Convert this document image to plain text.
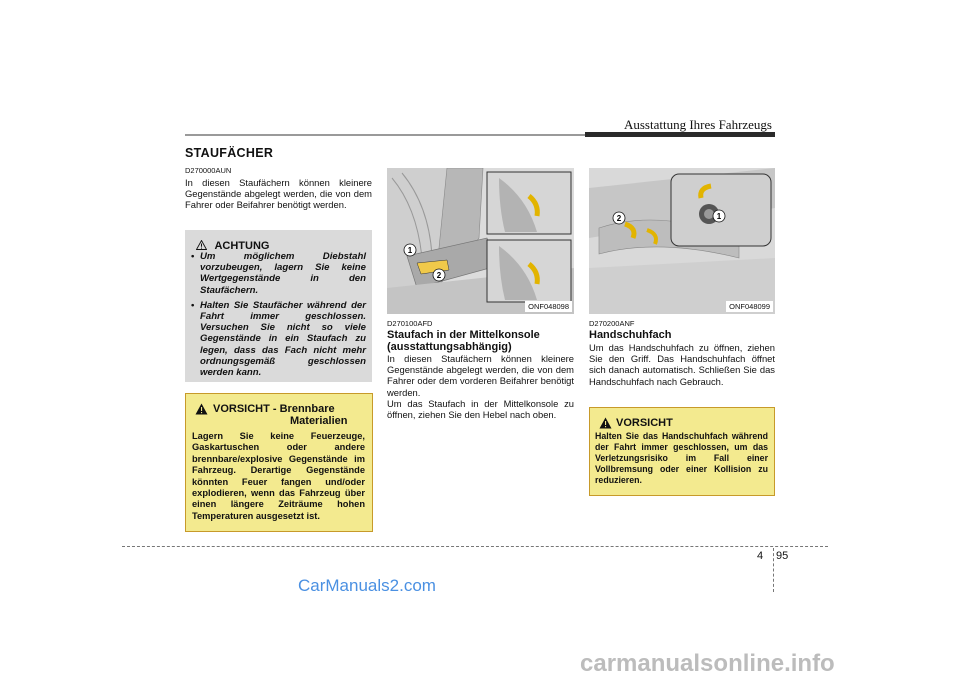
Ausstattung Ihres Fahrzeugs
STAUFÄCHER
D270000AUN
In diesen Staufächern können kleinere Gegenstände abgelegt werden, die von dem Fahrer oder Beifahrer benötigt werden.
ACHTUNG
• Um möglichem Diebstahl vorzubeugen, lagern Sie keine Wertgegenstände in den Staufächern.
• Halten Sie Staufächer während der Fahrt immer geschlossen. Versuchen Sie nicht so viele Gegenstände in ein Staufach zu legen, dass das Fach nicht mehr ordnungsgemäß geschlossen werden kann.
VORSICHT - Brennbare
Materialien
Lagern Sie keine Feuerzeuge, Gaskartuschen oder andere brennbare/explosive Gegenstände im Fahrzeug. Derartige Gegenstände könnten Feuer fangen und/oder explodieren, wenn das Fahrzeug über einen längere Zeiträume hohen Temperaturen ausgesetzt ist.
1
2
ONF048098
D270100AFD
Staufach in der Mittelkonsole (ausstattungsabhängig)
In diesen Staufächern können kleinere Gegenstände abgelegt werden, die von dem Fahrer oder dem vorderen Beifahrer benötigt werden.
Um das Staufach in der Mittelkonsole zu öffnen, ziehen Sie den Hebel nach oben.
2	1
ONF048099
D270200ANF
Handschuhfach
Um das Handschuhfach zu öffnen, ziehen Sie den Griff. Das Handschuhfach öffnet sich danach automatisch. Schließen Sie das Handschuhfach nach Gebrauch.
VORSICHT
Halten Sie das Handschuhfach während der Fahrt immer geschlossen, um das Verletzungsrisiko im Fall einer Vollbremsung oder einer Kollision zu reduzieren.
4 95
CarManuals2.com
carmanualsonline.info
